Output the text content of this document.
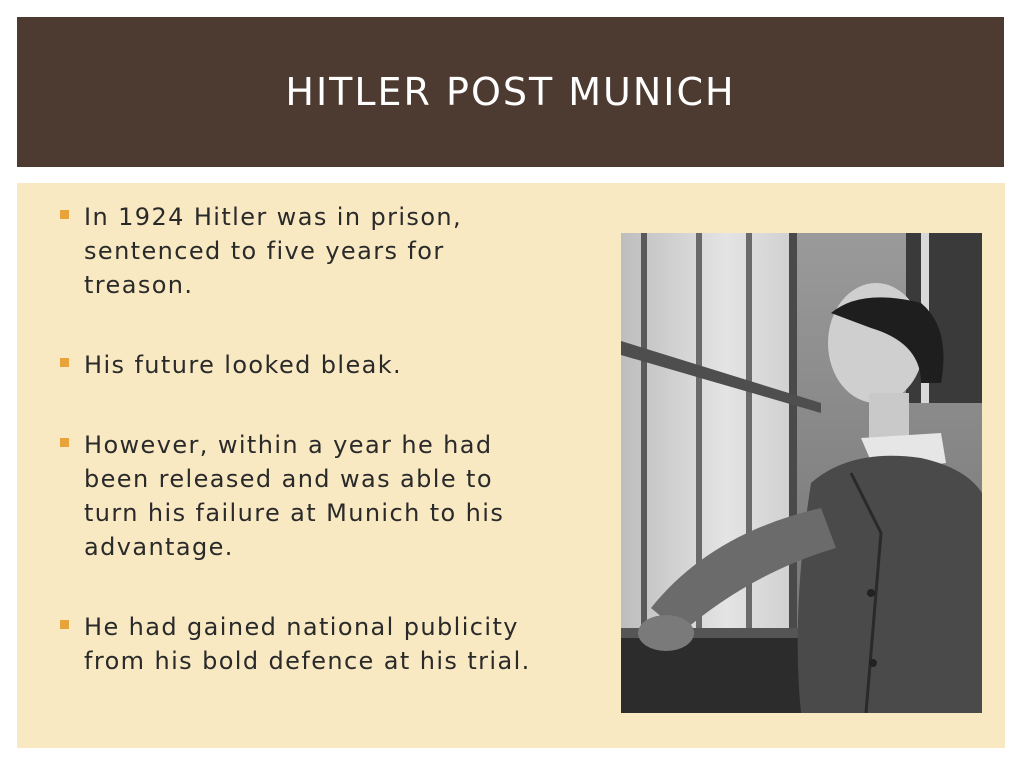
HITLER POST MUNICH
In 1924 Hitler was in prison, sentenced to five years for treason.
His future looked bleak.
However, within a year he had been released and was able to turn his failure at Munich to his advantage.
He had gained national publicity from his bold defence at his trial.
